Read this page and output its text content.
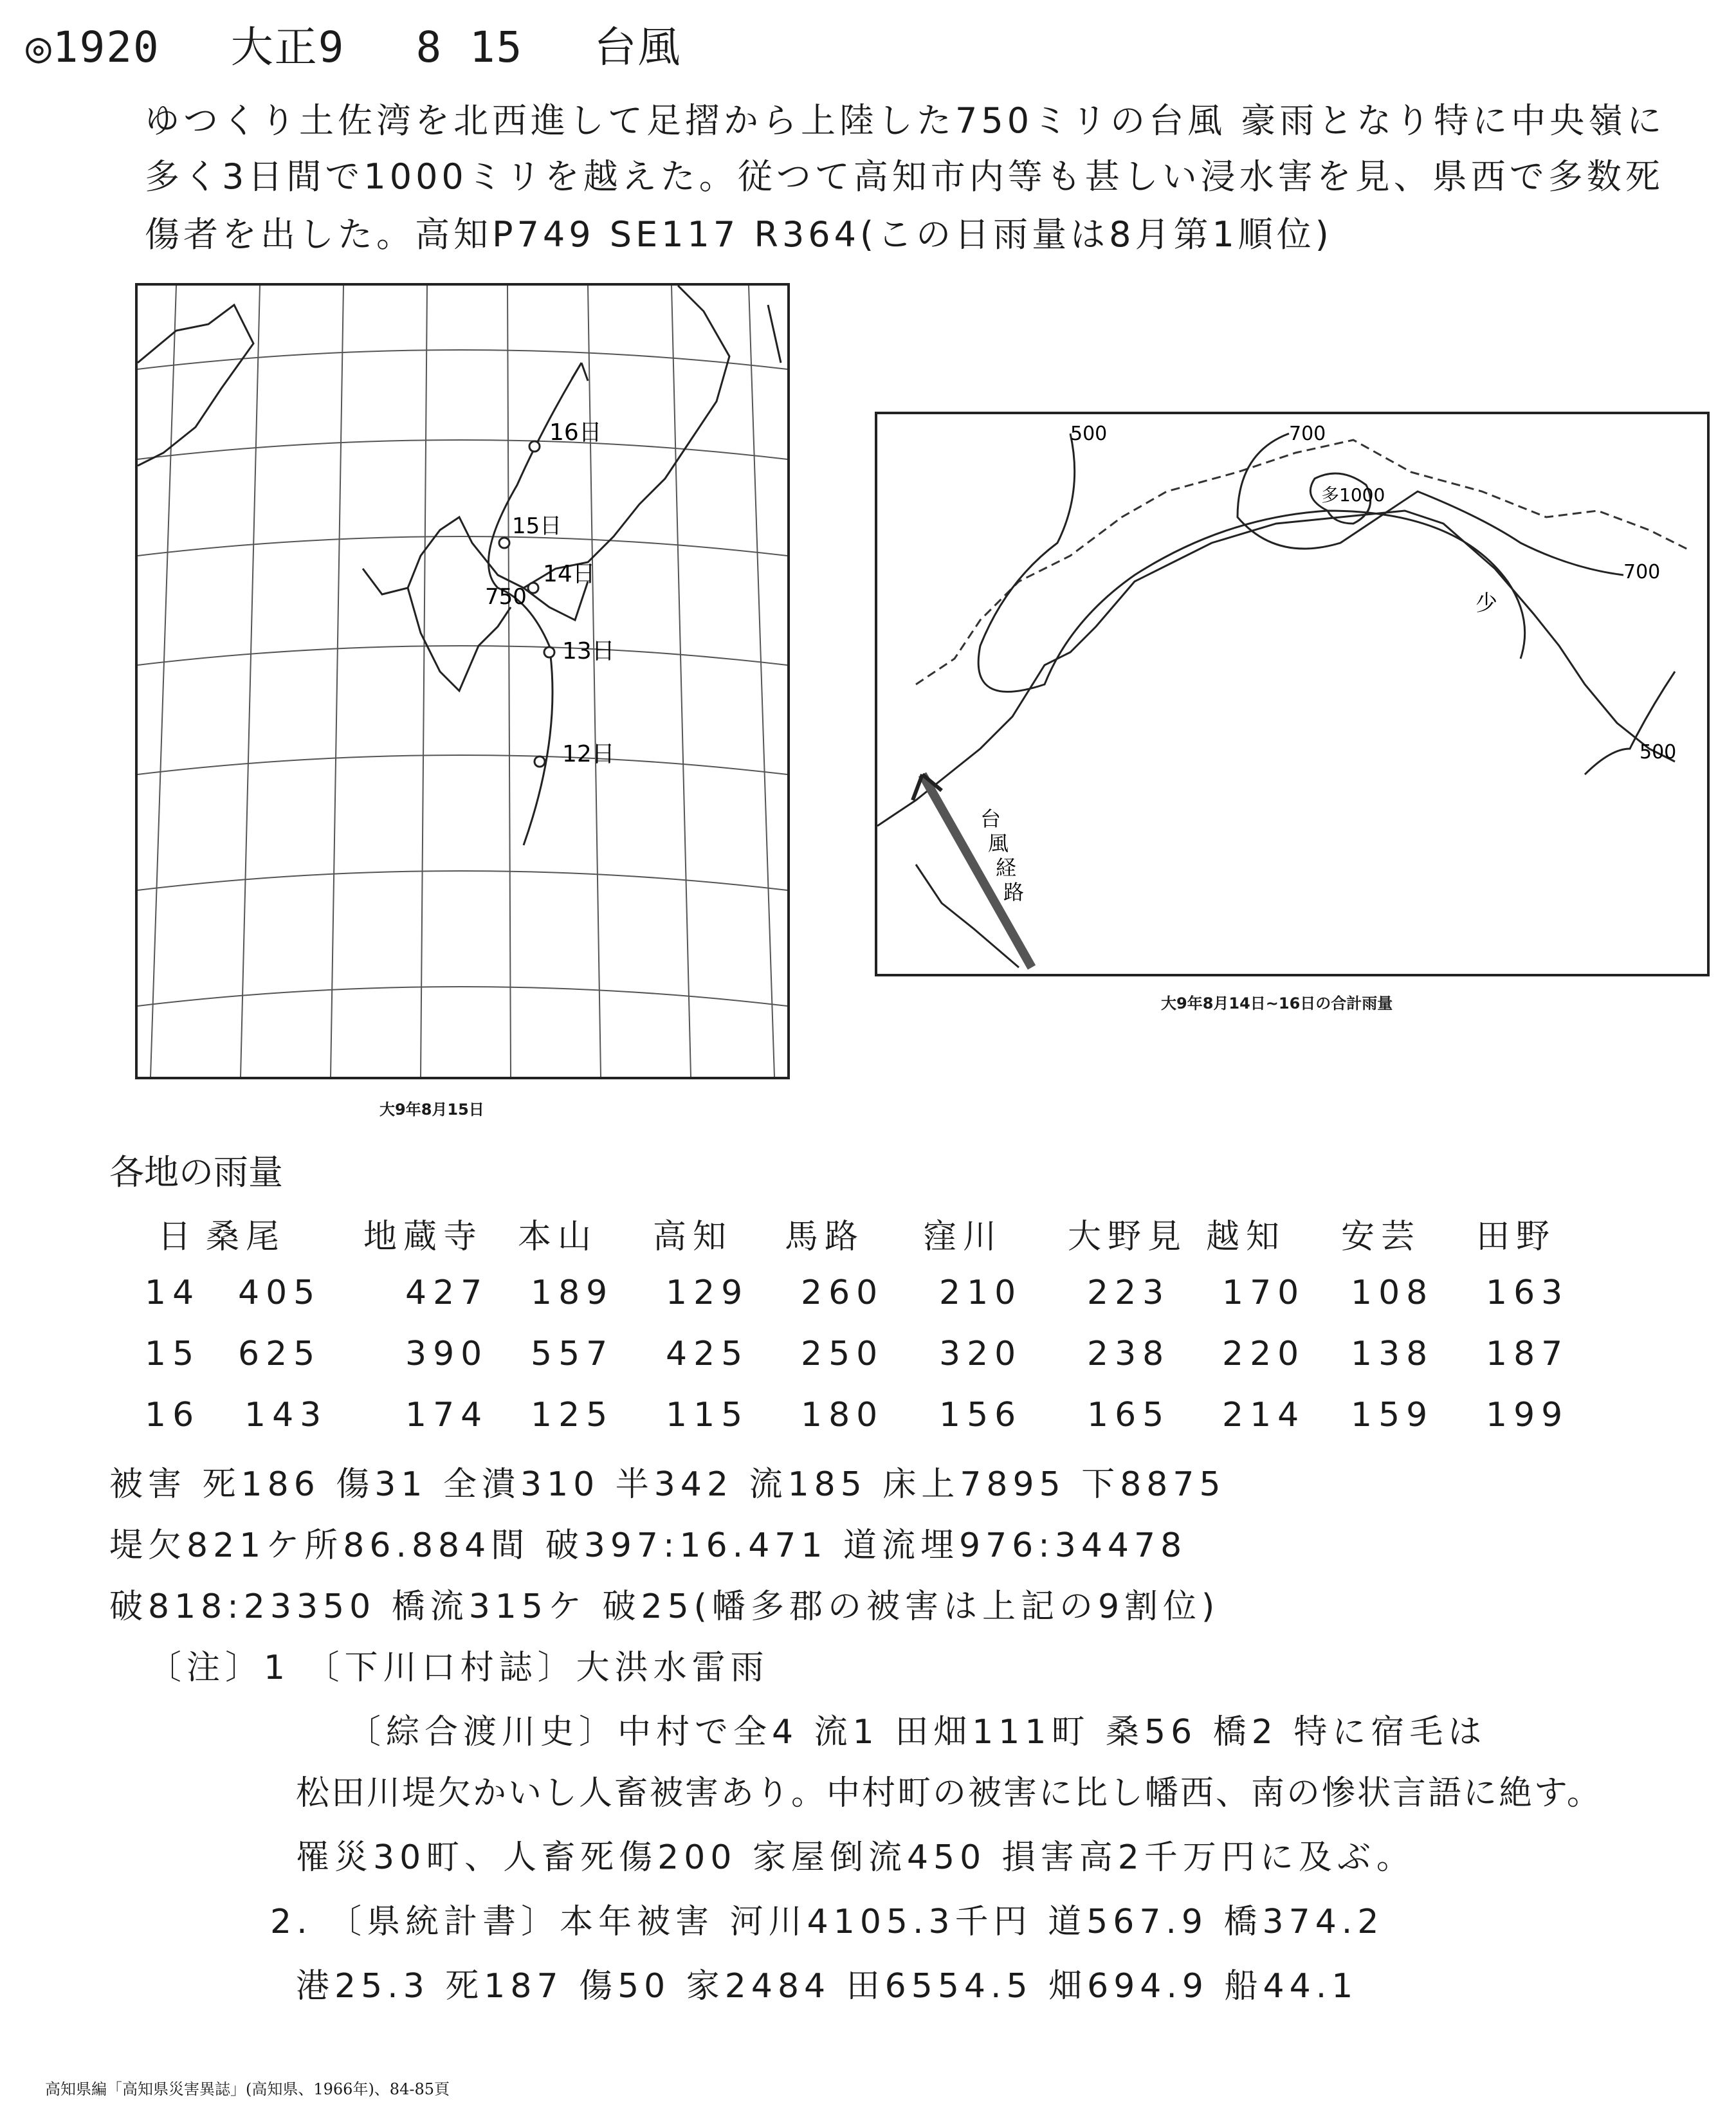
◎1920 大正9 8 15 台風
ゆつくり土佐湾を北西進して足摺から上陸した750ミリの台風 豪雨となり特に中央嶺に
多く3日間で1000ミリを越えた。従つて高知市内等も甚しい浸水害を見、県西で多数死
傷者を出した。高知P749 SE117 R364(この日雨量は8月第1順位)
12日
13日
14日
15日
16日
750
大9年8月15日
500	700
700
500
多1000
少
台
風
経
路
大9年8月14日~16日の合計雨量
各地の雨量
日 桑尾 地蔵寺 本山 高知 馬路 窪川 大野見 越知 安芸 田野
14 405	427 189 129 260 210 223 170 108 163
15 625	390 557 425 250 320 238 220 138 187
16 143 174 125 115 180 156 165 214 159 199
被害 死186 傷31 全潰310 半342 流185 床上7895 下8875
堤欠821ケ所86.884間 破397:16.471 道流埋976:34478
破818:23350 橋流315ケ 破25(幡多郡の被害は上記の9割位)
〔注〕1 〔下川口村誌〕大洪水雷雨
〔綜合渡川史〕中村で全4 流1 田畑111町 桑56 橋2 特に宿毛は
松田川堤欠かいし人畜被害あり。中村町の被害に比し幡西、南の惨状言語に絶す。
罹災30町、人畜死傷200 家屋倒流450 損害高2千万円に及ぶ。
2. 〔県統計書〕本年被害 河川4105.3千円 道567.9 橋374.2
港25.3 死187 傷50 家2484 田6554.5 畑694.9 船44.1
高知県編「高知県災害異誌」(高知県、1966年)、84-85頁
